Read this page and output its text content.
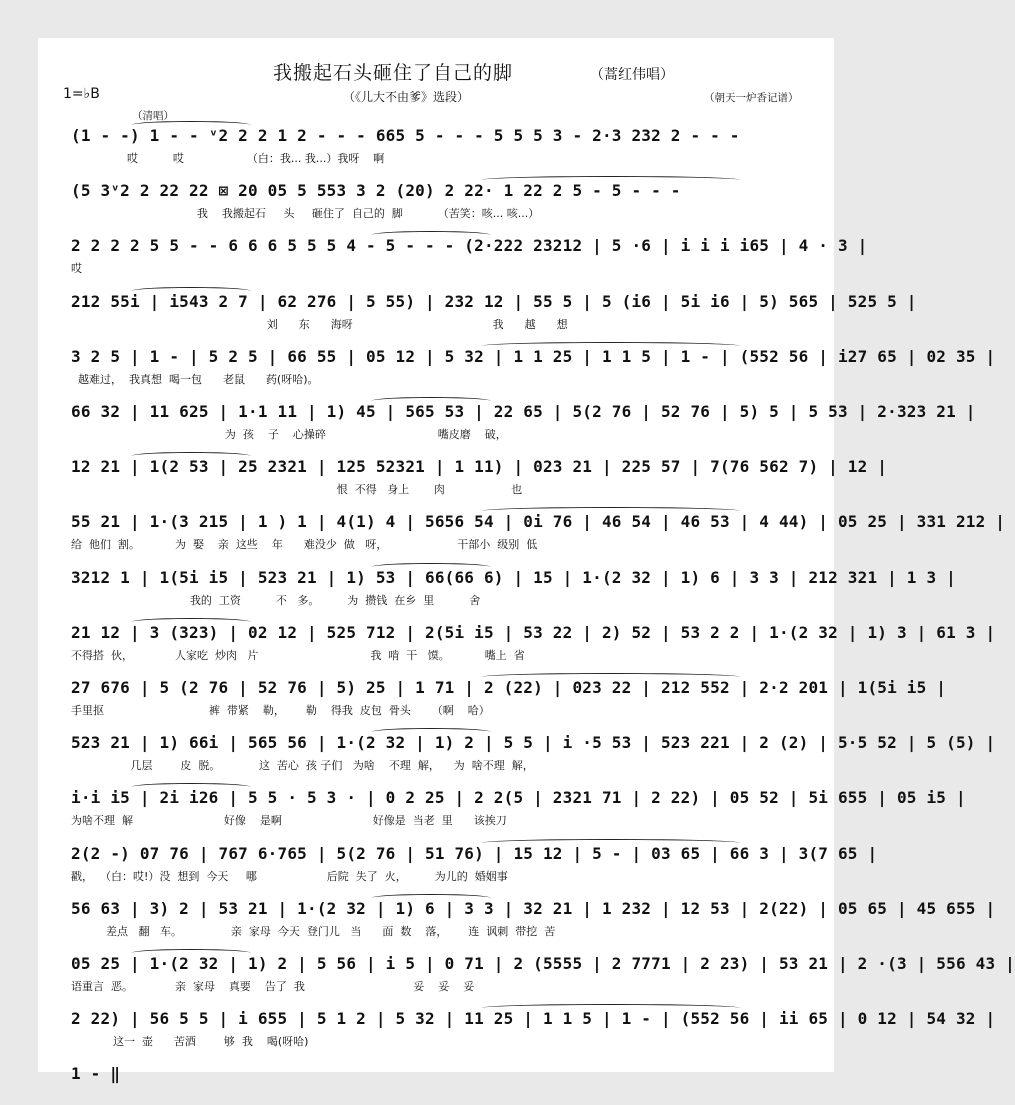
我搬起石头砸住了自己的脚	（蒿红伟唱）
1=♭B	（《儿大不由爹》选段）	（朝天一炉香记谱）
（清唱）
(1 - -) 1 - - ᵛ2 2 2 1 2 - - - 665 5 - - - 5 5 5 3 - 2·3 232 2 - - -
哎          哎                  （白：我... 我...）我呀    啊
(5 3ᵛ2 2 22 22 ⊠ 20 05 5 553 3 2 (20) 2 22· 1 22 2 5 - 5 - - -
我    我搬起石     头     砸住了  自己的  脚          （苦笑：咳... 咳...）
2 2 2 2 5 5 - - 6 6 6 5 5 5 4 - 5 - - - (2·222 23212 | 5 ·6 | i i i i65 | 4 · 3 |
哎
212 55i | i543 2 7 | 62 276 | 5 55) | 232 12 | 55 5 | 5 (i6 | 5i i6 | 5) 565 | 525 5 |
刘      东      海呀                                        我      越      想
3 2 5 | 1 - | 5 2 5 | 66 55 | 05 12 | 5 32 | 1 1 25 | 1 1 5 | 1 - | (552 56 | i27 65 | 02 35 |
越难过，  我真想  喝一包      老鼠      药(呀哈)。
66 32 | 11 625 | 1·1 11 | 1) 45 | 565 53 | 22 65 | 5(2 76 | 52 76 | 5) 5 | 5 53 | 2·323 21 |
为  孩    子    心操碎                                嘴皮磨    破，
12 21 | 1(2 53 | 25 2321 | 125 52321 | 1 11) | 023 21 | 225 57 | 7(76 562 7) | 12 |
恨  不得   身上       肉                   也
55 21 | 1·(3 215 | 1 ) 1 | 4(1) 4 | 5656 54 | 0i 76 | 46 54 | 46 53 | 4 44) | 05 25 | 331 212 |
给  他们  割。          为  娶    亲  这些    年      难没少  做   呀，                    干部小  级别  低
3212 1 | 1(5i i5 | 523 21 | 1) 53 | 66(66 6) | 15 | 1·(2 32 | 1) 6 | 3 3 | 212 321 | 1 3 |
我的  工资          不   多。        为  攒钱  在乡  里          舍
21 12 | 3 (323) | 02 12 | 525 712 | 2(5i i5 | 53 22 | 2) 52 | 53 2 2 | 1·(2 32 | 1) 3 | 61 3 |
不得搭  伙，            人家吃  炒肉   片                                我  啃  干   馍。          嘴上  省
27 676 | 5 (2 76 | 52 76 | 5) 25 | 1 71 | 2 (22) | 023 22 | 212 552 | 2·2 201 | 1(5i i5 |
手里抠                              裤  带紧    勒，      勒    得我  皮包  骨头      （啊    哈）
523 21 | 1) 66i | 565 56 | 1·(2 32 | 1) 2 | 5 5 | i ·5 53 | 523 221 | 2 (2) | 5·5 52 | 5 (5) |
几层        皮  脱。           这  苦心  孩 子们   为啥    不理  解，    为  啥不理  解，
i·i i5 | 2i i26 | 5 5 · 5 3 · | 0 2 25 | 2 2(5 | 2321 71 | 2 22) | 05 52 | 5i 655 | 05 i5 |
为啥不理  解                          好像    是啊                          好像是  当老  里      该挨刀
2(2 -) 07 76 | 767 6·765 | 5(2 76 | 51 76) | 15 12 | 5 - | 03 65 | 66 3 | 3(7 65 |
戳，  （白：哎!）没  想到  今天     哪                    后院  失了  火，        为儿的  婚姻事
56 63 | 3) 2 | 53 21 | 1·(2 32 | 1) 6 | 3 3 | 32 21 | 1 232 | 12 53 | 2(22) | 05 65 | 45 655 |
差点   翻   车。              亲  家母  今天  登门儿   当      面  数    落，      连  讽刺  带挖  苦
05 25 | 1·(2 32 | 1) 2 | 5 56 | i 5 | 0 71 | 2 (5555 | 2 7771 | 2 23) | 53 21 | 2 ·(3 | 556 43 |
语重言  恶。            亲  家母    真要    告了  我                               妥    妥    妥
2 22) | 56 5 5 | i 655 | 5 1 2 | 5 32 | 11 25 | 1 1 5 | 1 - | (552 56 | ii 65 | 0 12 | 54 32 |
这一  壶      苦酒        够  我    喝(呀哈)
1 - ‖
